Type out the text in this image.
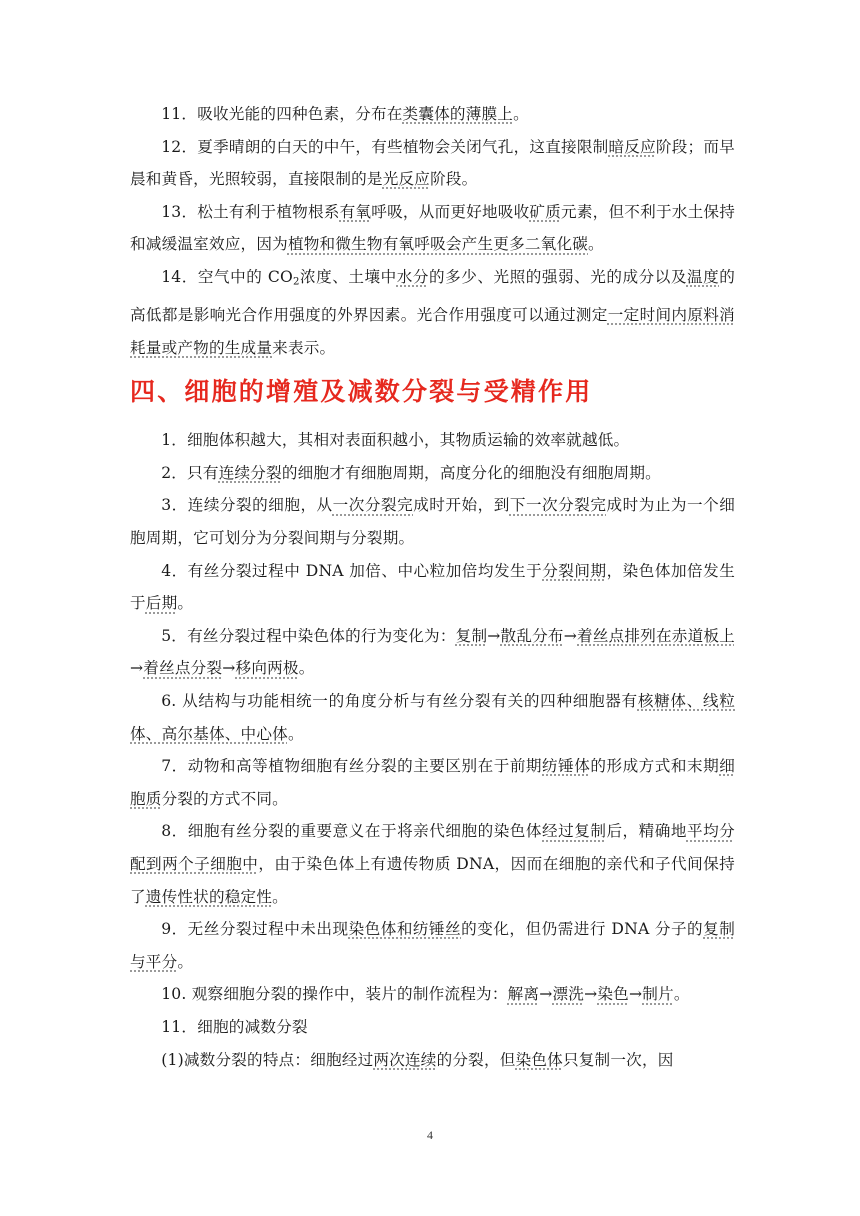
11．吸收光能的四种色素，分布在类囊体的薄膜上。

12．夏季晴朗的白天的中午，有些植物会关闭气孔，这直接限制暗反应阶段；而早晨和黄昏，光照较弱，直接限制的是光反应阶段。

13．松土有利于植物根系有氧呼吸，从而更好地吸收矿质元素，但不利于水土保持和减缓温室效应，因为植物和微生物有氧呼吸会产生更多二氧化碳。

14．空气中的 $CO_2$浓度、土壤中水分的多少、光照的强弱、光的成分以及温度的高低都是影响光合作用强度的外界因素。光合作用强度可以通过测定一定时间内原料消耗量或产物的生成量来表示。

四、细胞的增殖及减数分裂与受精作用

1．细胞体积越大，其相对表面积越小，其物质运输的效率就越低。

2．只有连续分裂的细胞才有细胞周期，高度分化的细胞没有细胞周期。

3．连续分裂的细胞，从一次分裂完成时开始，到下一次分裂完成时为止为一个细胞周期，它可划分为分裂间期与分裂期。

4．有丝分裂过程中 DNA 加倍、中心粒加倍均发生于分裂间期，染色体加倍发生于后期。

5．有丝分裂过程中染色体的行为变化为：复制→散乱分布→着丝点排列在赤道板上→着丝点分裂→移向两极。

6. 从结构与功能相统一的角度分析与有丝分裂有关的四种细胞器有核糖体、线粒体、高尔基体、中心体。

7．动物和高等植物细胞有丝分裂的主要区别在于前期纺锤体的形成方式和末期细胞质分裂的方式不同。

8．细胞有丝分裂的重要意义在于将亲代细胞的染色体经过复制后，精确地平均分配到两个子细胞中，由于染色体上有遗传物质 DNA，因而在细胞的亲代和子代间保持了遗传性状的稳定性。

9．无丝分裂过程中未出现染色体和纺锤丝的变化，但仍需进行 DNA 分子的复制与平分。

10. 观察细胞分裂的操作中，装片的制作流程为：解离→漂洗→染色→制片。

11．细胞的减数分裂

(1)减数分裂的特点：细胞经过两次连续的分裂，但染色体只复制一次，因

4
